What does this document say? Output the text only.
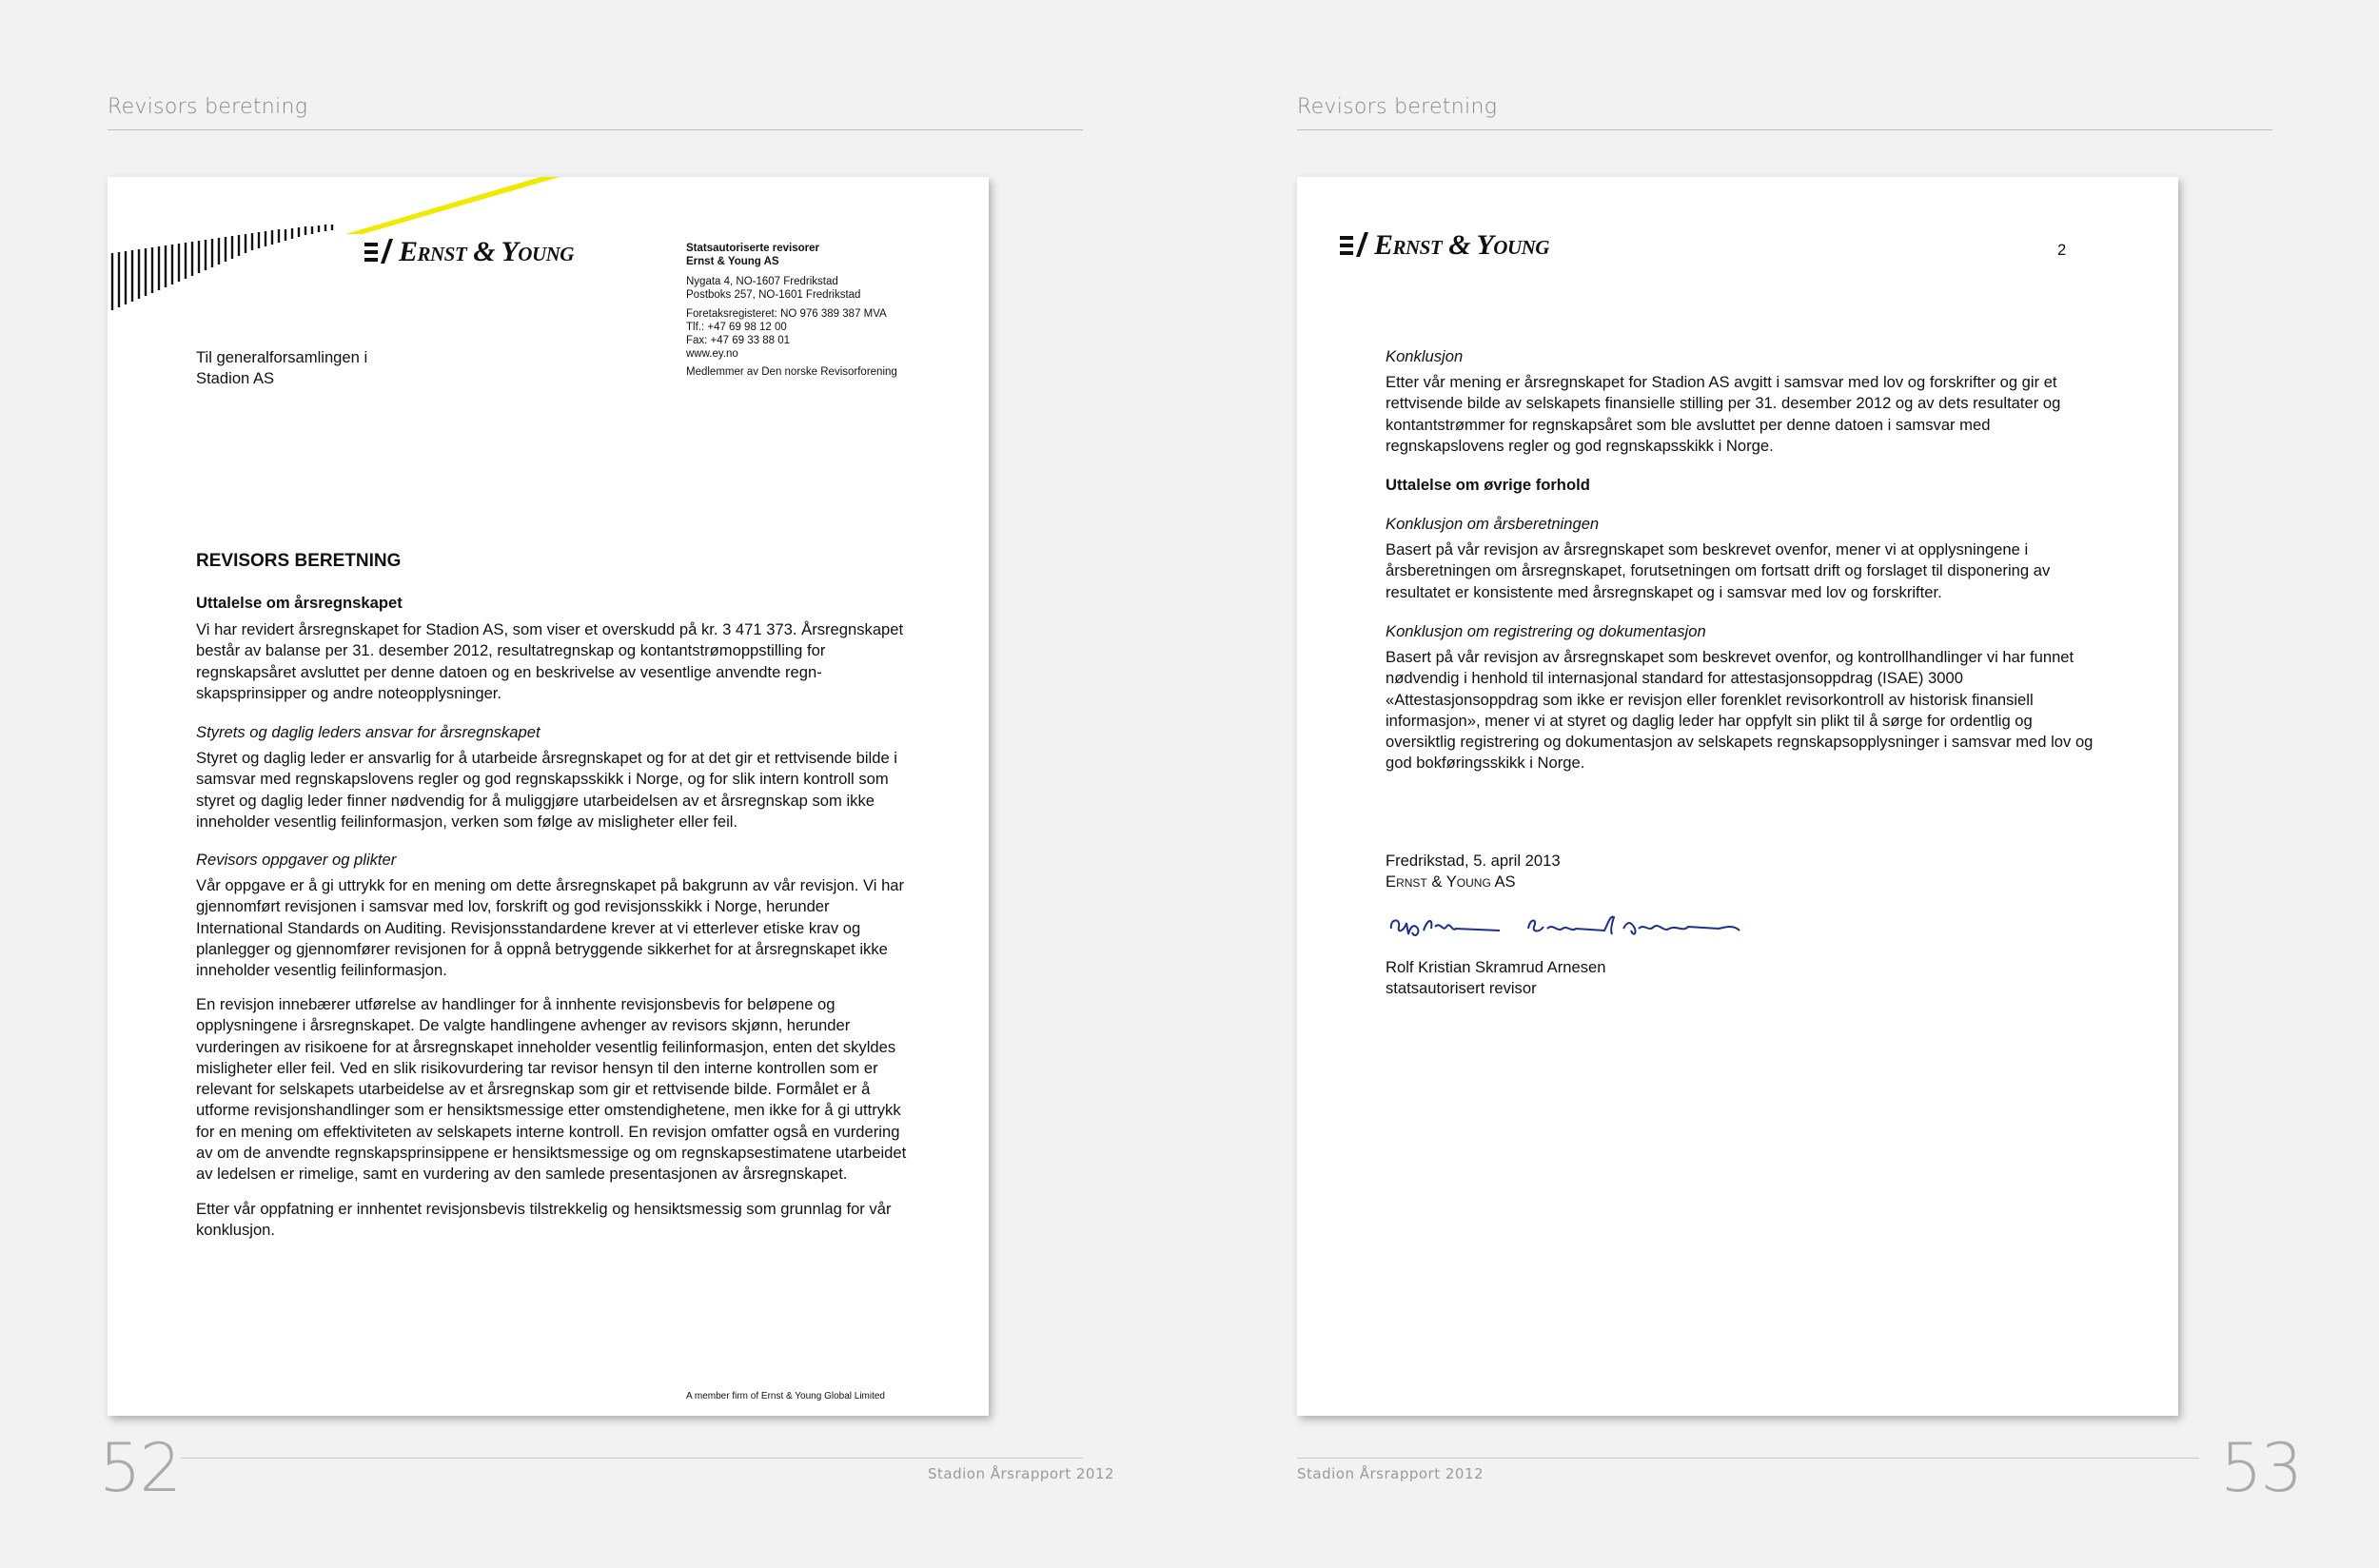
Revisors beretning
Ernst & Young	Statsautoriserte revisorer

Ernst & Young AS

Nygata 4, NO-1607 Fredrikstad

Postboks 257, NO-1601 Fredrikstad

Foretaksregisteret: NO 976 389 387 MVA

Tlf.: +47 69 98 12 00

Fax: +47 69 33 88 01

www.ey.no

Medlemmer av Den norske Revisorforening

Til generalforsamlingen i

Stadion AS

REVISORS BERETNING

Uttalelse om årsregnskapet

Vi har revidert årsregnskapet for Stadion AS, som viser et overskudd på kr. 3 471 373. Årsregnskapet består av balanse per 31. desember 2012, resultatregnskap og kontantstrømoppstilling for regnskapsåret avsluttet per denne datoen og en beskrivelse av vesentlige anvendte regn-skapsprinsipper og andre noteopplysninger.

Styrets og daglig leders ansvar for årsregnskapet

Styret og daglig leder er ansvarlig for å utarbeide årsregnskapet og for at det gir et rettvisende bilde i samsvar med regnskapslovens regler og god regnskapsskikk i Norge, og for slik intern kontroll som styret og daglig leder finner nødvendig for å muliggjøre utarbeidelsen av et årsregnskap som ikke inneholder vesentlig feilinformasjon, verken som følge av misligheter eller feil.

Revisors oppgaver og plikter

Vår oppgave er å gi uttrykk for en mening om dette årsregnskapet på bakgrunn av vår revisjon. Vi har gjennomført revisjonen i samsvar med lov, forskrift og god revisjonsskikk i Norge, herunder International Standards on Auditing. Revisjonsstandardene krever at vi etterlever etiske krav og planlegger og gjennomfører revisjonen for å oppnå betryggende sikkerhet for at årsregnskapet ikke inneholder vesentlig feilinformasjon.

En revisjon innebærer utførelse av handlinger for å innhente revisjonsbevis for beløpene og opplysningene i årsregnskapet. De valgte handlingene avhenger av revisors skjønn, herunder vurderingen av risikoene for at årsregnskapet inneholder vesentlig feilinformasjon, enten det skyldes misligheter eller feil. Ved en slik risikovurdering tar revisor hensyn til den interne kontrollen som er relevant for selskapets utarbeidelse av et årsregnskap som gir et rettvisende bilde. Formålet er å utforme revisjonshandlinger som er hensiktsmessige etter omstendighetene, men ikke for å gi uttrykk for en mening om effektiviteten av selskapets interne kontroll. En revisjon omfatter også en vurdering av om de anvendte regnskapsprinsippene er hensiktsmessige og om regnskapsestimatene utarbeidet av ledelsen er rimelige, samt en vurdering av den samlede presentasjonen av årsregnskapet.

Etter vår oppfatning er innhentet revisjonsbevis tilstrekkelig og hensiktsmessig som grunnlag for vår konklusjon.

A member firm of Ernst & Young Global Limited

52	Stadion Årsrapport 2012
Revisors beretning
Ernst & Young	2

Konklusjon

Etter vår mening er årsregnskapet for Stadion AS avgitt i samsvar med lov og forskrifter og gir et rettvisende bilde av selskapets finansielle stilling per 31. desember 2012 og av dets resultater og kontantstrømmer for regnskapsåret som ble avsluttet per denne datoen i samsvar med regnskapslovens regler og god regnskapsskikk i Norge.

Uttalelse om øvrige forhold

Konklusjon om årsberetningen

Basert på vår revisjon av årsregnskapet som beskrevet ovenfor, mener vi at opplysningene i årsberetningen om årsregnskapet, forutsetningen om fortsatt drift og forslaget til disponering av resultatet er konsistente med årsregnskapet og i samsvar med lov og forskrifter.

Konklusjon om registrering og dokumentasjon

Basert på vår revisjon av årsregnskapet som beskrevet ovenfor, og kontrollhandlinger vi har funnet nødvendig i henhold til internasjonal standard for attestasjonsoppdrag (ISAE) 3000 «Attestasjonsoppdrag som ikke er revisjon eller forenklet revisorkontroll av historisk finansiell informasjon», mener vi at styret og daglig leder har oppfylt sin plikt til å sørge for ordentlig og oversiktlig registrering og dokumentasjon av selskapets regnskapsopplysninger i samsvar med lov og god bokføringsskikk i Norge.

Fredrikstad, 5. april 2013

Ernst & Young AS

Rolf Kristian Skramrud Arnesen

statsautorisert revisor

Stadion Årsrapport 2012	53
